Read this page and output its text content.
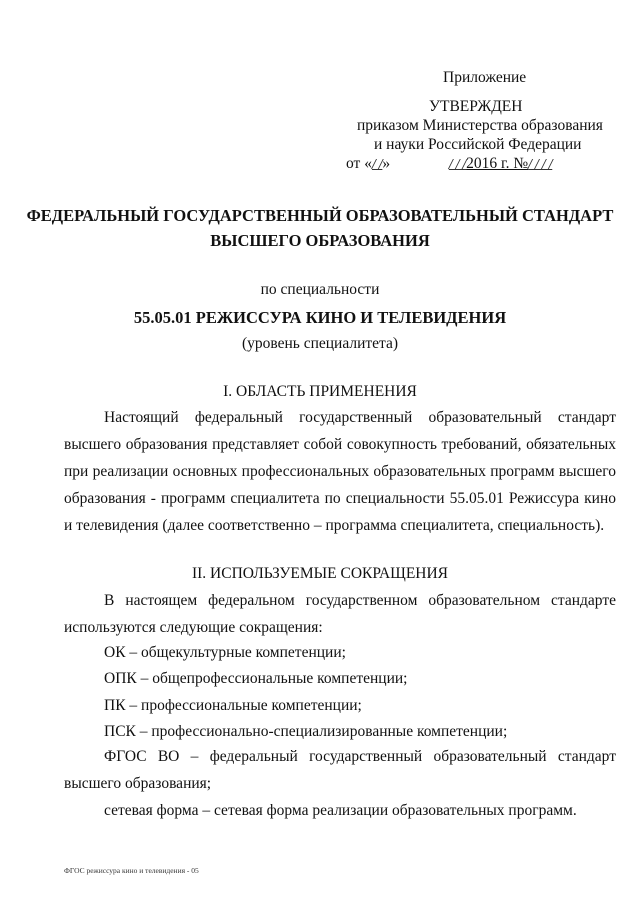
Приложение
УТВЕРЖДЕН
приказом Министерства образования
и науки Российской Федерации
от «/ /»	/ / /2016 г. №/ / / /
ФЕДЕРАЛЬНЫЙ ГОСУДАРСТВЕННЫЙ ОБРАЗОВАТЕЛЬНЫЙ СТАНДАРТ
ВЫСШЕГО ОБРАЗОВАНИЯ
по специальности
55.05.01 РЕЖИССУРА КИНО И ТЕЛЕВИДЕНИЯ
(уровень специалитета)
I. ОБЛАСТЬ ПРИМЕНЕНИЯ
Настоящий федеральный государственный образовательный стандарт высшего образования представляет собой совокупность требований, обязательных при реализации основных профессиональных образовательных программ высшего образования - программ специалитета по специальности 55.05.01 Режиссура кино и телевидения (далее соответственно – программа специалитета, специальность).
II. ИСПОЛЬЗУЕМЫЕ СОКРАЩЕНИЯ
В настоящем федеральном государственном образовательном стандарте используются следующие сокращения:
ОК – общекультурные компетенции;
ОПК – общепрофессиональные компетенции;
ПК – профессиональные компетенции;
ПСК – профессионально-специализированные компетенции;
ФГОС ВО – федеральный государственный образовательный стандарт высшего образования;
сетевая форма – сетевая форма реализации образовательных программ.
ФГОС режиссура кино и телевидения - 05
